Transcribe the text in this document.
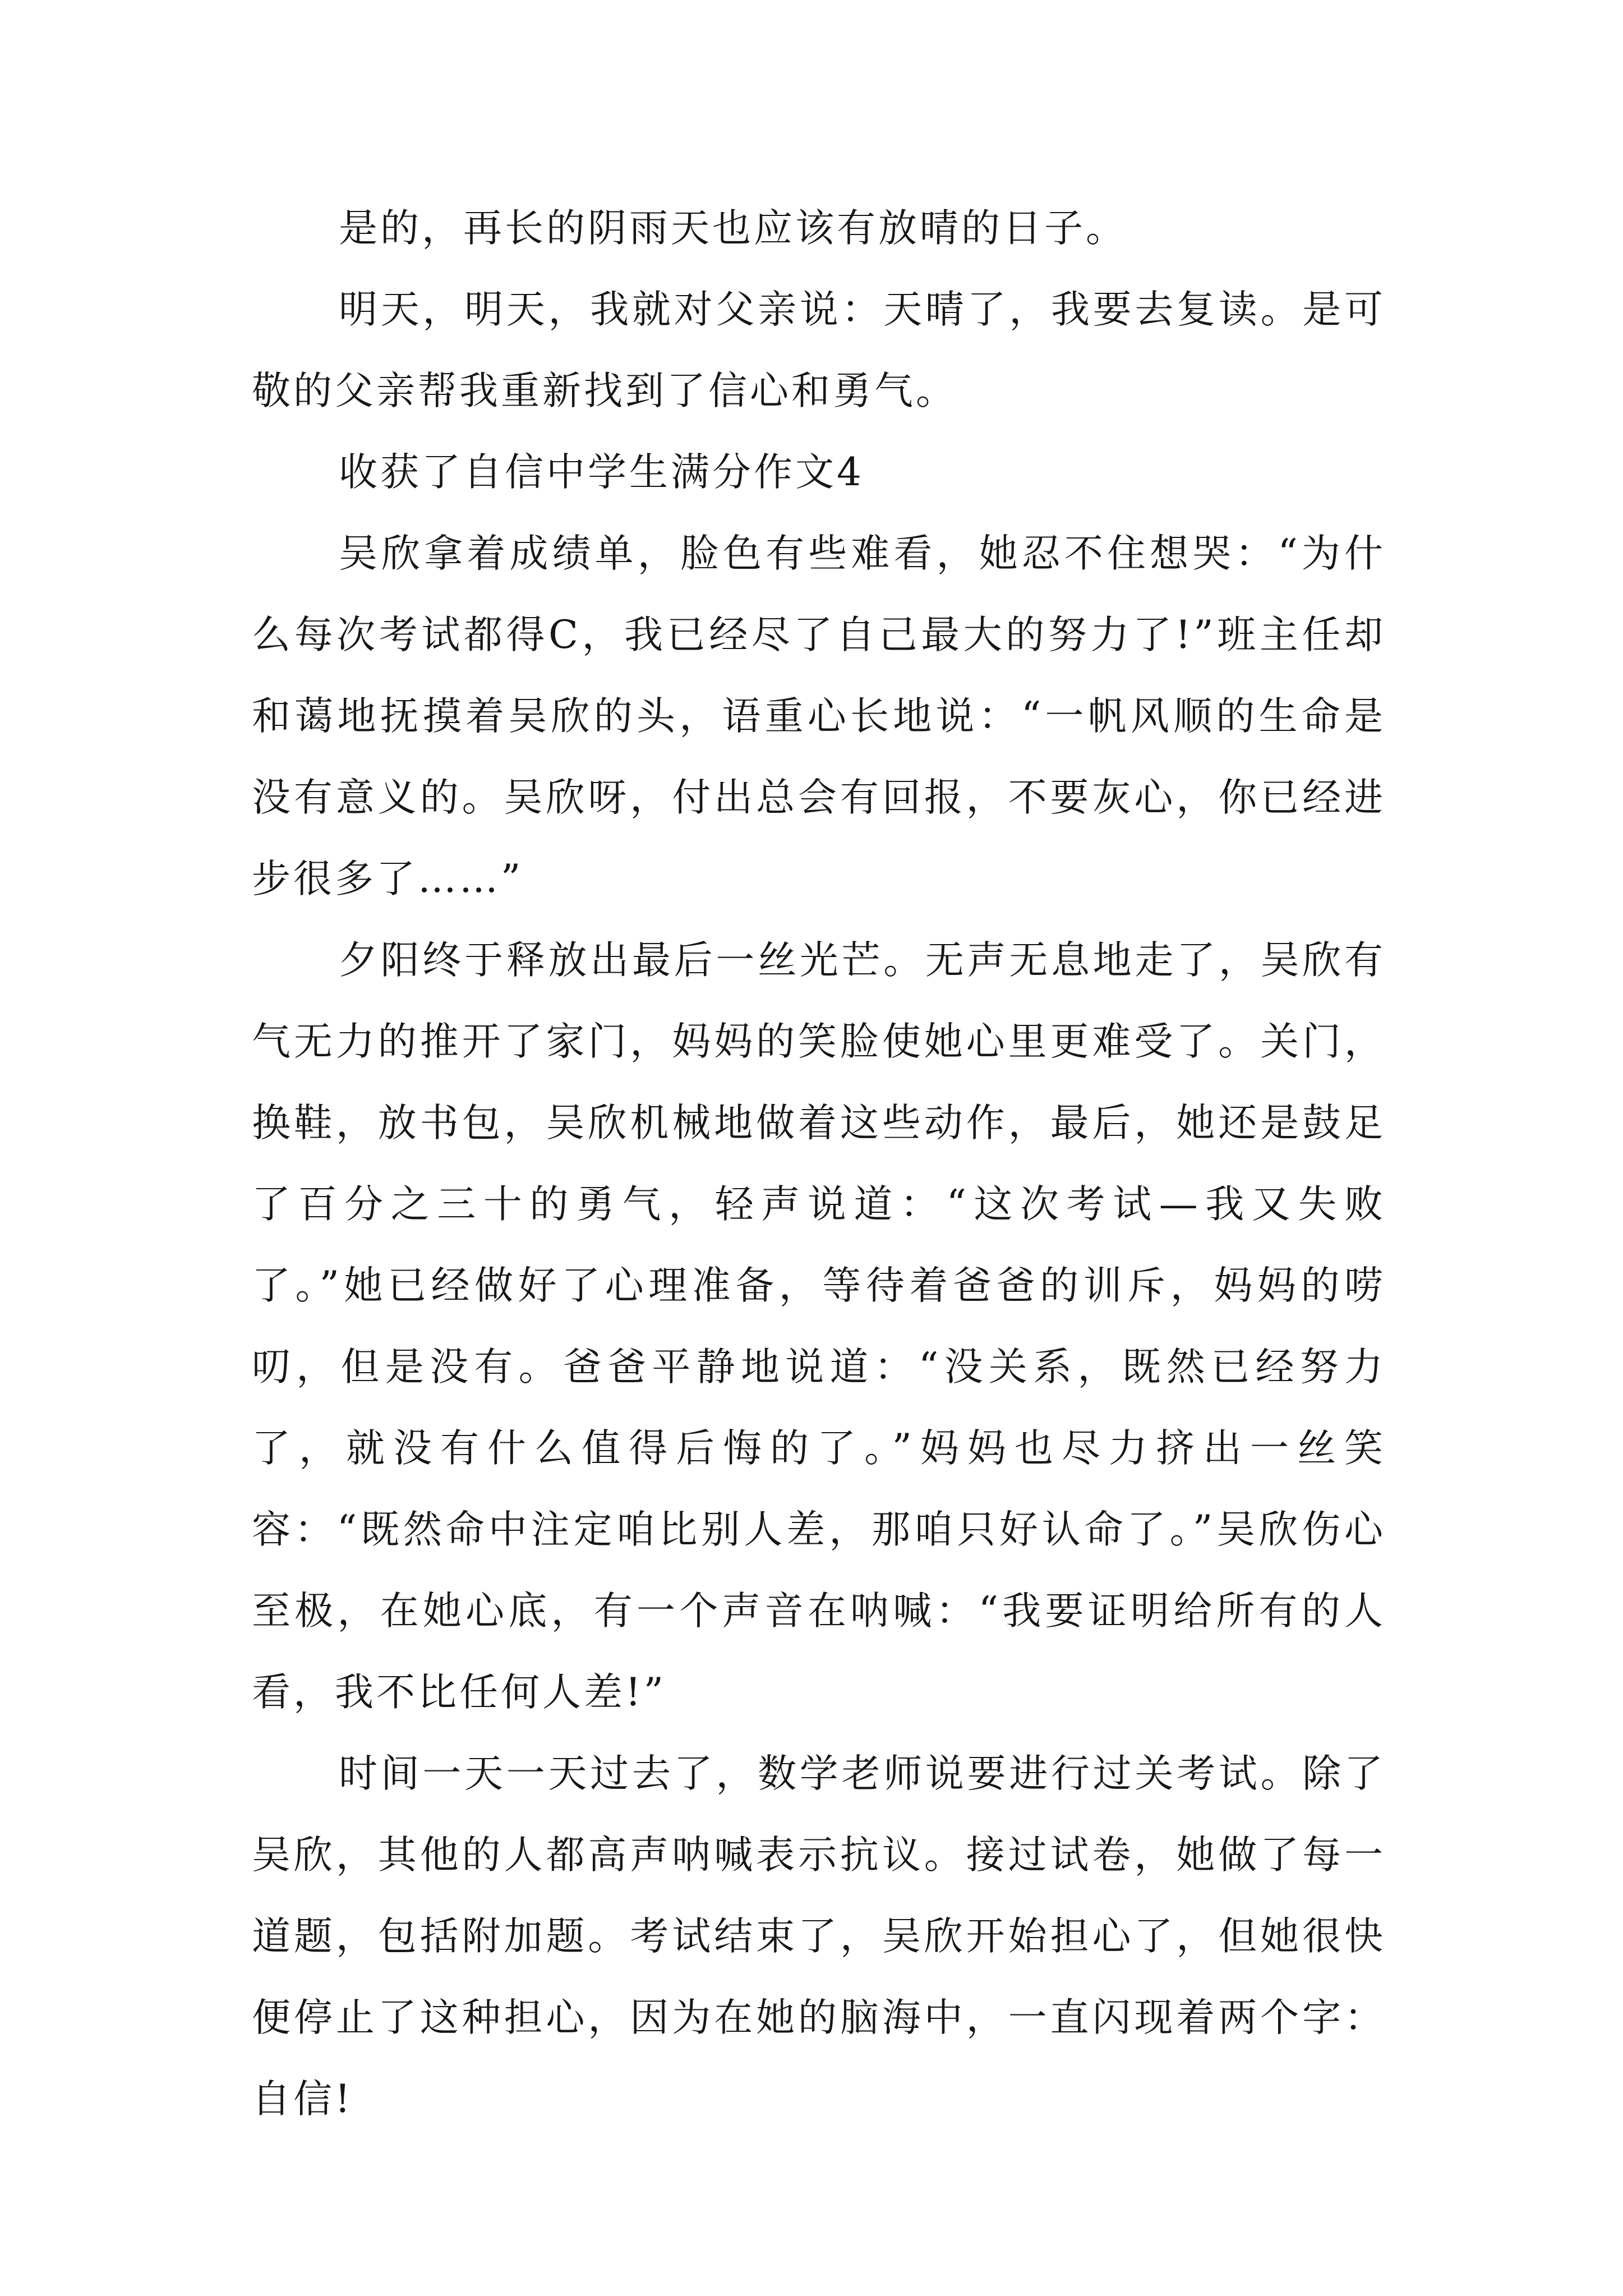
是的，再长的阴雨天也应该有放晴的日子。

明天，明天，我就对父亲说：天晴了，我要去复读。是可敬的父亲帮我重新找到了信心和勇气。

收获了自信中学生满分作文4

吴欣拿着成绩单，脸色有些难看，她忍不住想哭：“为什么每次考试都得C，我已经尽了自己最大的努力了!”班主任却和蔼地抚摸着吴欣的头，语重心长地说：“一帆风顺的生命是没有意义的。吴欣呀，付出总会有回报，不要灰心，你已经进步很多了……”

夕阳终于释放出最后一丝光芒。无声无息地走了，吴欣有气无力的推开了家门，妈妈的笑脸使她心里更难受了。关门，换鞋，放书包，吴欣机械地做着这些动作，最后，她还是鼓足了百分之三十的勇气，轻声说道：“这次考试—我又失败了。”她已经做好了心理准备，等待着爸爸的训斥，妈妈的唠叨，但是没有。爸爸平静地说道：“没关系，既然已经努力了，就没有什么值得后悔的了。”妈妈也尽力挤出一丝笑容：“既然命中注定咱比别人差，那咱只好认命了。”吴欣伤心至极，在她心底，有一个声音在呐喊：“我要证明给所有的人看，我不比任何人差!”

时间一天一天过去了，数学老师说要进行过关考试。除了吴欣，其他的人都高声呐喊表示抗议。接过试卷，她做了每一道题，包括附加题。考试结束了，吴欣开始担心了，但她很快便停止了这种担心，因为在她的脑海中，一直闪现着两个字：自信!
